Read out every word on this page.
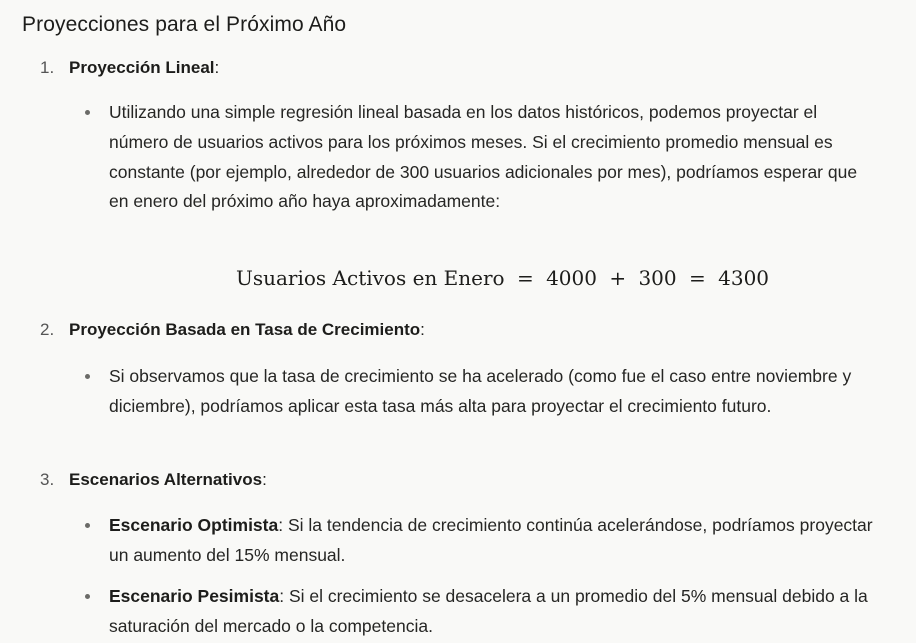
Proyecciones para el Próximo Año
1. Proyección Lineal:
Utilizando una simple regresión lineal basada en los datos históricos, podemos proyectar el número de usuarios activos para los próximos meses. Si el crecimiento promedio mensual es constante (por ejemplo, alrededor de 300 usuarios adicionales por mes), podríamos esperar que en enero del próximo año haya aproximadamente:
Usuarios Activos en Enero = 4000 + 300 = 4300
2. Proyección Basada en Tasa de Crecimiento:
Si observamos que la tasa de crecimiento se ha acelerado (como fue el caso entre noviembre y diciembre), podríamos aplicar esta tasa más alta para proyectar el crecimiento futuro.
3. Escenarios Alternativos:
Escenario Optimista: Si la tendencia de crecimiento continúa acelerándose, podríamos proyectar un aumento del 15% mensual.
Escenario Pesimista: Si el crecimiento se desacelera a un promedio del 5% mensual debido a la saturación del mercado o la competencia.
